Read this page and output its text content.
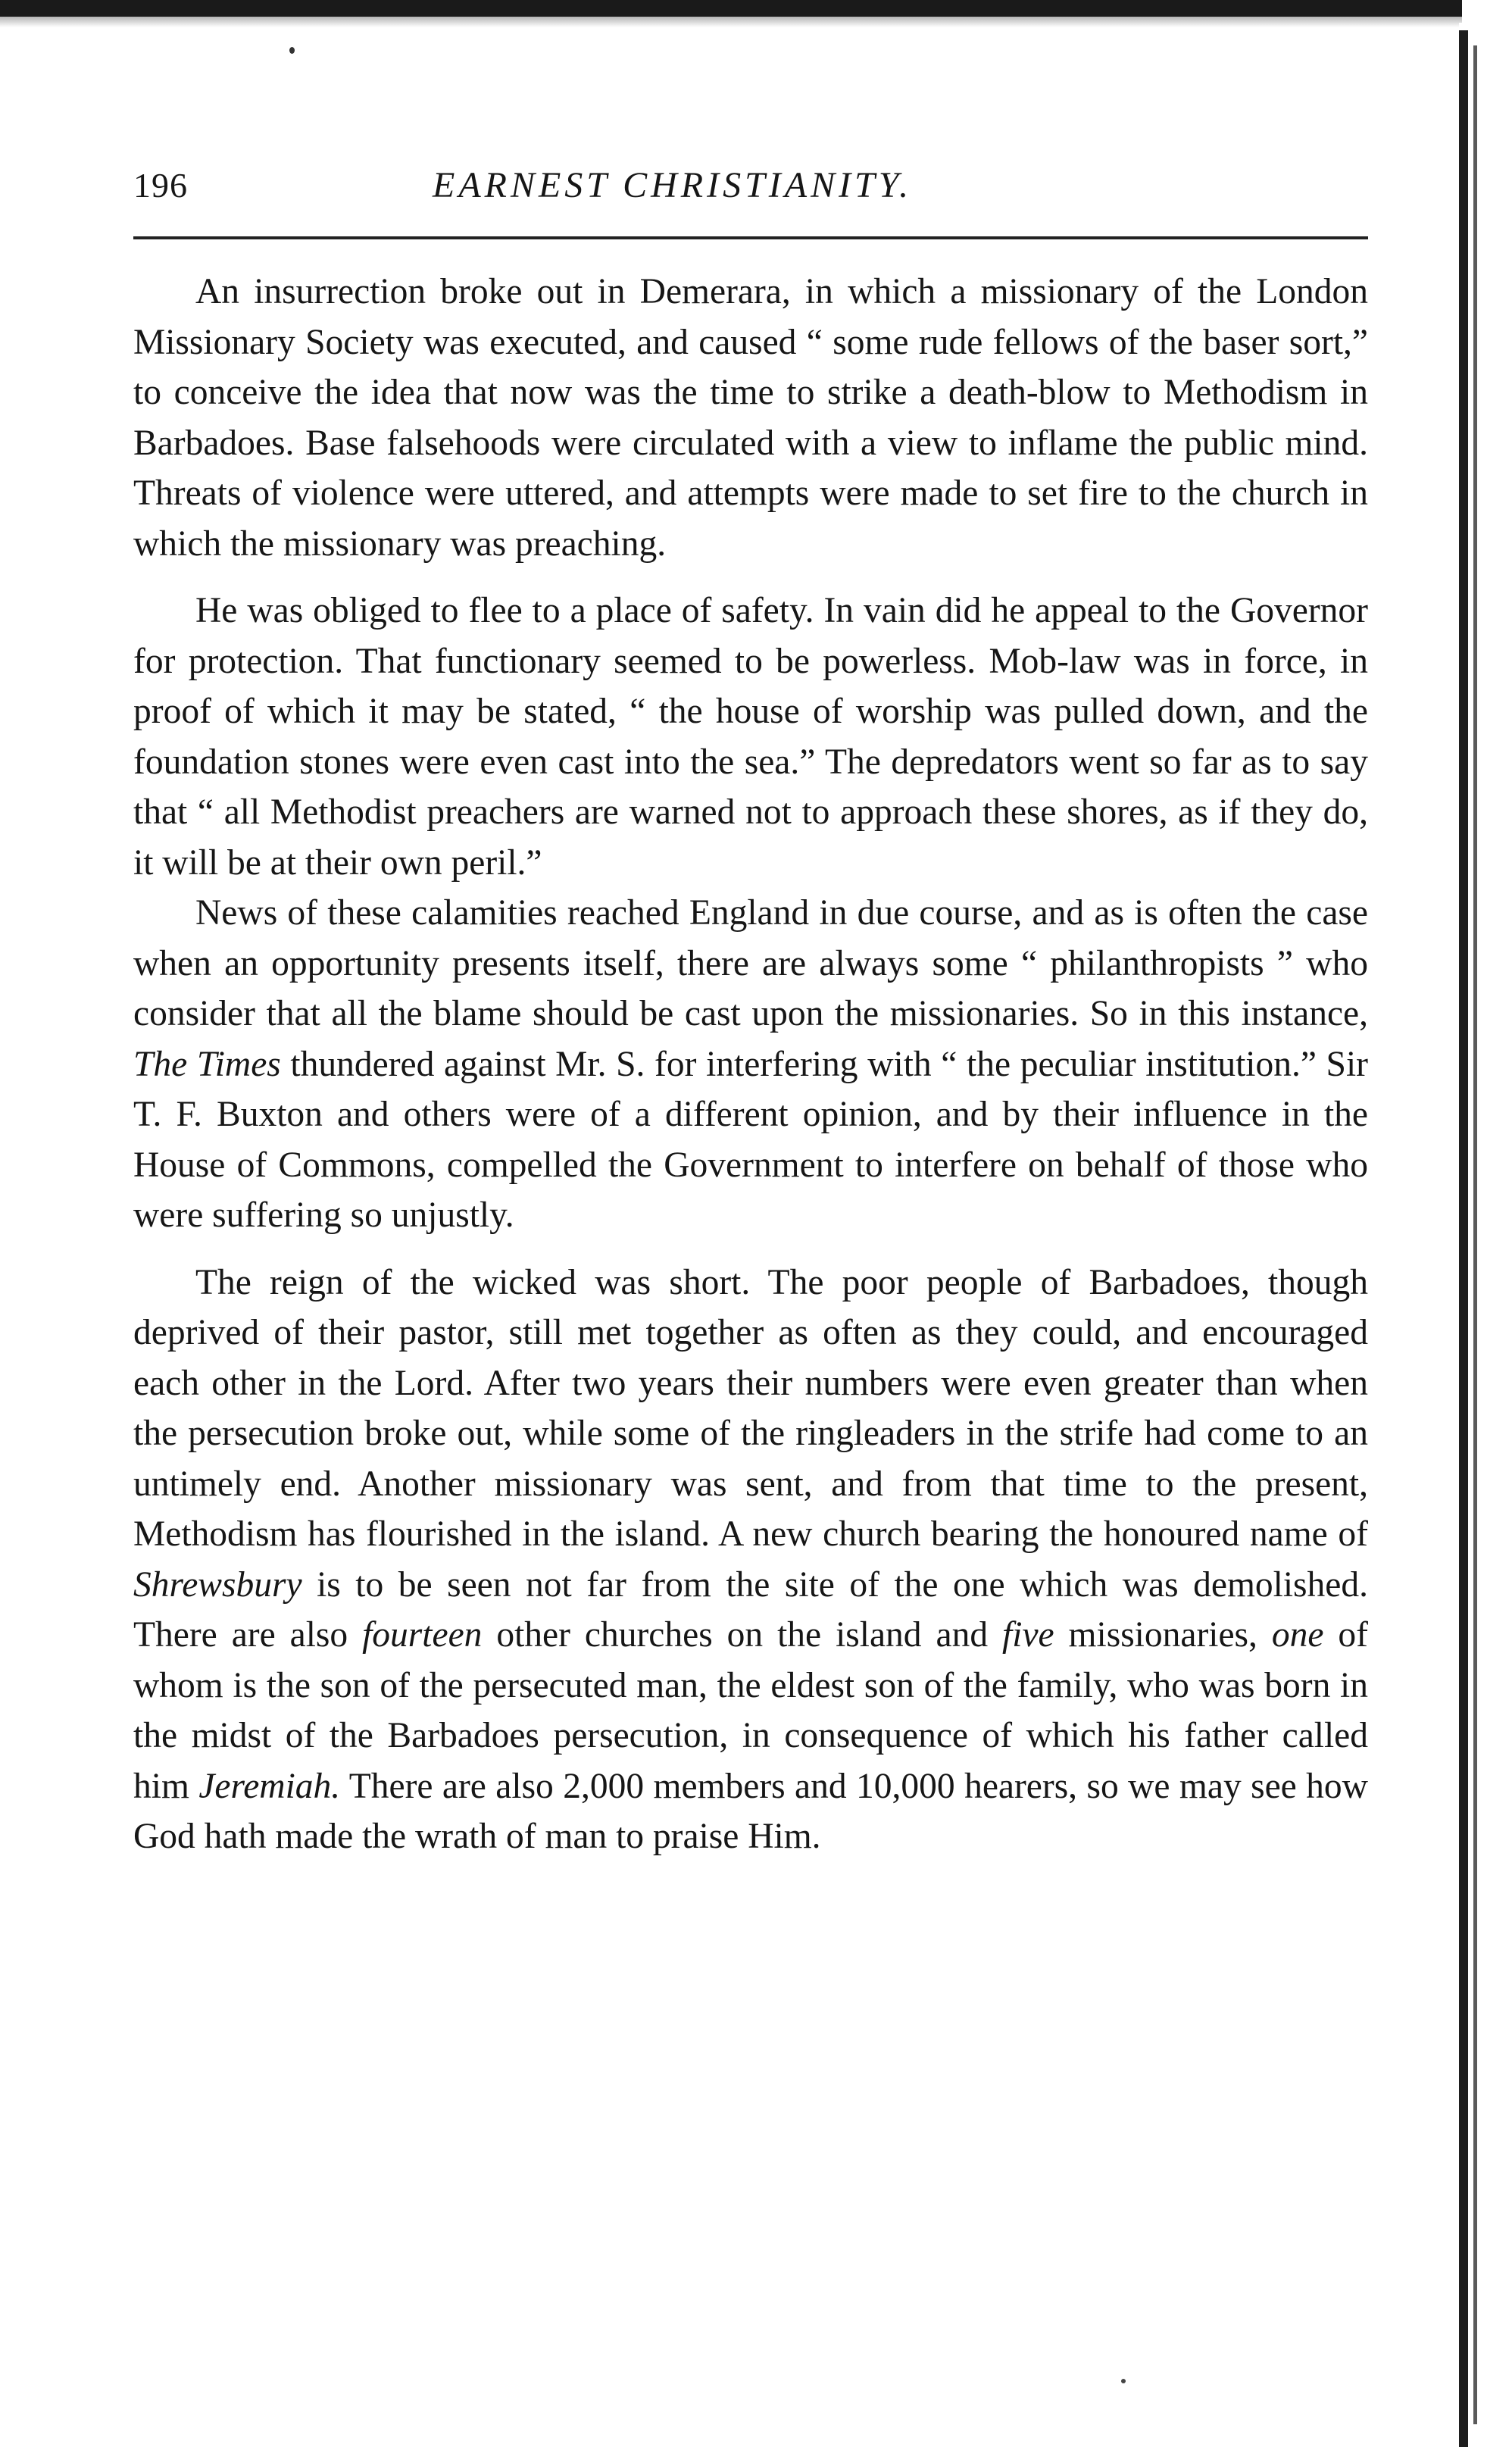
196	EARNEST CHRISTIANITY.

An insurrection broke out in Demerara, in which a missionary of the London Missionary Society was executed, and caused “ some rude fellows of the baser sort,” to conceive the idea that now was the time to strike a death-blow to Methodism in Barbadoes. Base falsehoods were circulated with a view to inflame the public mind. Threats of violence were uttered, and attempts were made to set fire to the church in which the missionary was preaching.

He was obliged to flee to a place of safety. In vain did he appeal to the Governor for protection. That functionary seemed to be powerless. Mob-law was in force, in proof of which it may be stated, “ the house of worship was pulled down, and the foundation stones were even cast into the sea.” The depredators went so far as to say that “ all Methodist preachers are warned not to approach these shores, as if they do, it will be at their own peril.”

News of these calamities reached England in due course, and as is often the case when an opportunity presents itself, there are always some “ philanthropists ” who consider that all the blame should be cast upon the missionaries. So in this instance, The Times thundered against Mr. S. for interfering with “ the peculiar institution.” Sir T. F. Buxton and others were of a different opinion, and by their influence in the House of Commons, compelled the Government to interfere on behalf of those who were suffering so unjustly.

The reign of the wicked was short. The poor people of Barbadoes, though deprived of their pastor, still met together as often as they could, and encouraged each other in the Lord. After two years their numbers were even greater than when the persecution broke out, while some of the ringleaders in the strife had come to an untimely end. Another missionary was sent, and from that time to the present, Methodism has flourished in the island. A new church bearing the honoured name of Shrewsbury is to be seen not far from the site of the one which was demolished. There are also fourteen other churches on the island and five missionaries, one of whom is the son of the persecuted man, the eldest son of the family, who was born in the midst of the Barbadoes persecution, in consequence of which his father called him Jeremiah. There are also 2,000 members and 10,000 hearers, so we may see how God hath made the wrath of man to praise Him.
